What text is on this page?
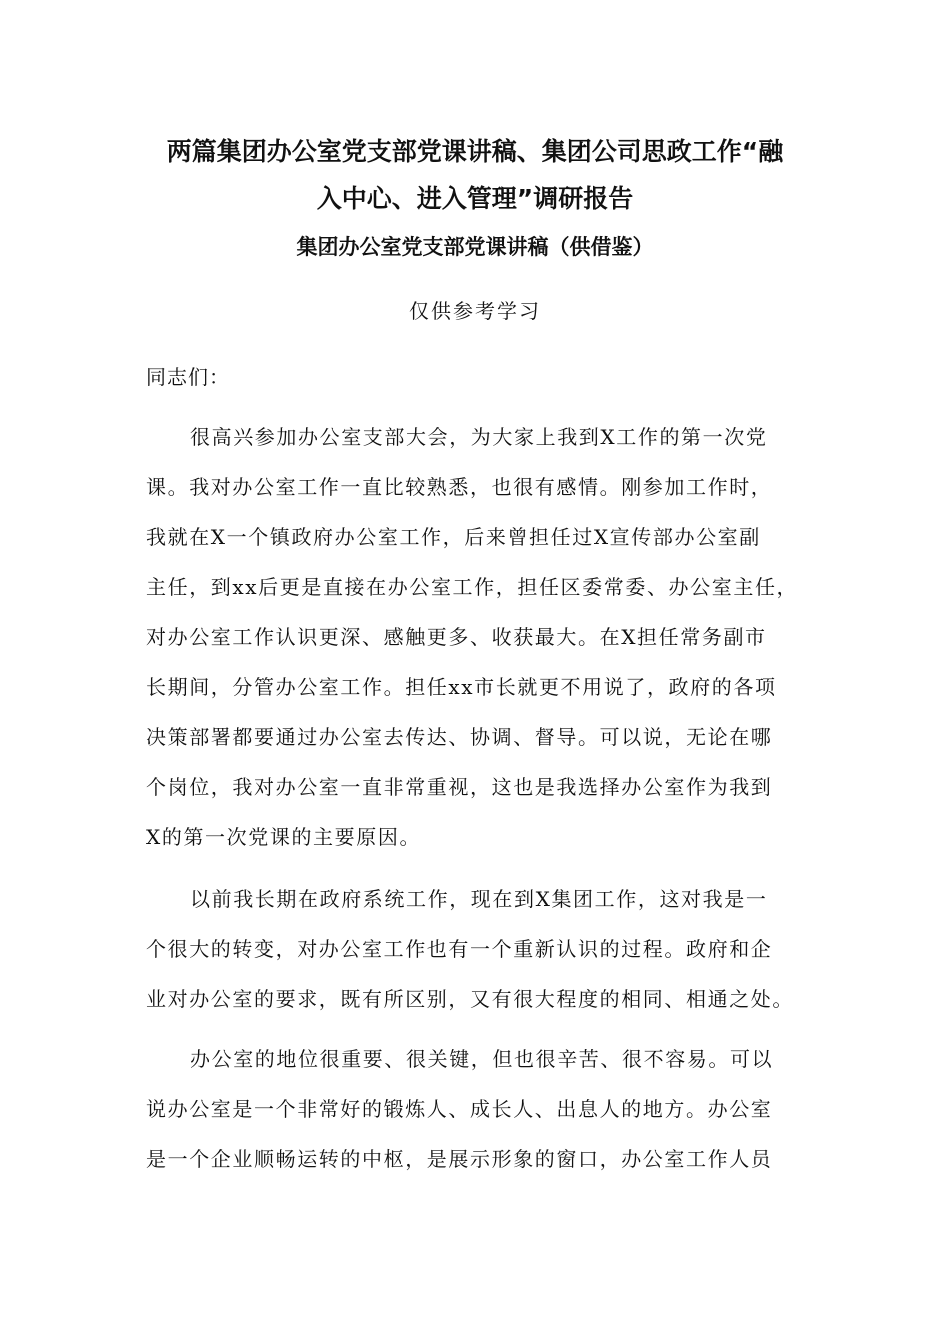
两篇集团办公室党支部党课讲稿、集团公司思政工作“融
入中心、进入管理”调研报告
集团办公室党支部党课讲稿（供借鉴）
仅供参考学习
同志们：
很高兴参加办公室支部大会，为大家上我到X工作的第一次党
课。我对办公室工作一直比较熟悉，也很有感情。刚参加工作时，
我就在X一个镇政府办公室工作，后来曾担任过X宣传部办公室副
主任，到xx后更是直接在办公室工作，担任区委常委、办公室主任，
对办公室工作认识更深、感触更多、收获最大。在X担任常务副市
长期间，分管办公室工作。担任xx市长就更不用说了，政府的各项
决策部署都要通过办公室去传达、协调、督导。可以说，无论在哪
个岗位，我对办公室一直非常重视，这也是我选择办公室作为我到
X的第一次党课的主要原因。
以前我长期在政府系统工作，现在到X集团工作，这对我是一
个很大的转变，对办公室工作也有一个重新认识的过程。政府和企
业对办公室的要求，既有所区别，又有很大程度的相同、相通之处。
办公室的地位很重要、很关键，但也很辛苦、很不容易。可以
说办公室是一个非常好的锻炼人、成长人、出息人的地方。办公室
是一个企业顺畅运转的中枢，是展示形象的窗口，办公室工作人员
